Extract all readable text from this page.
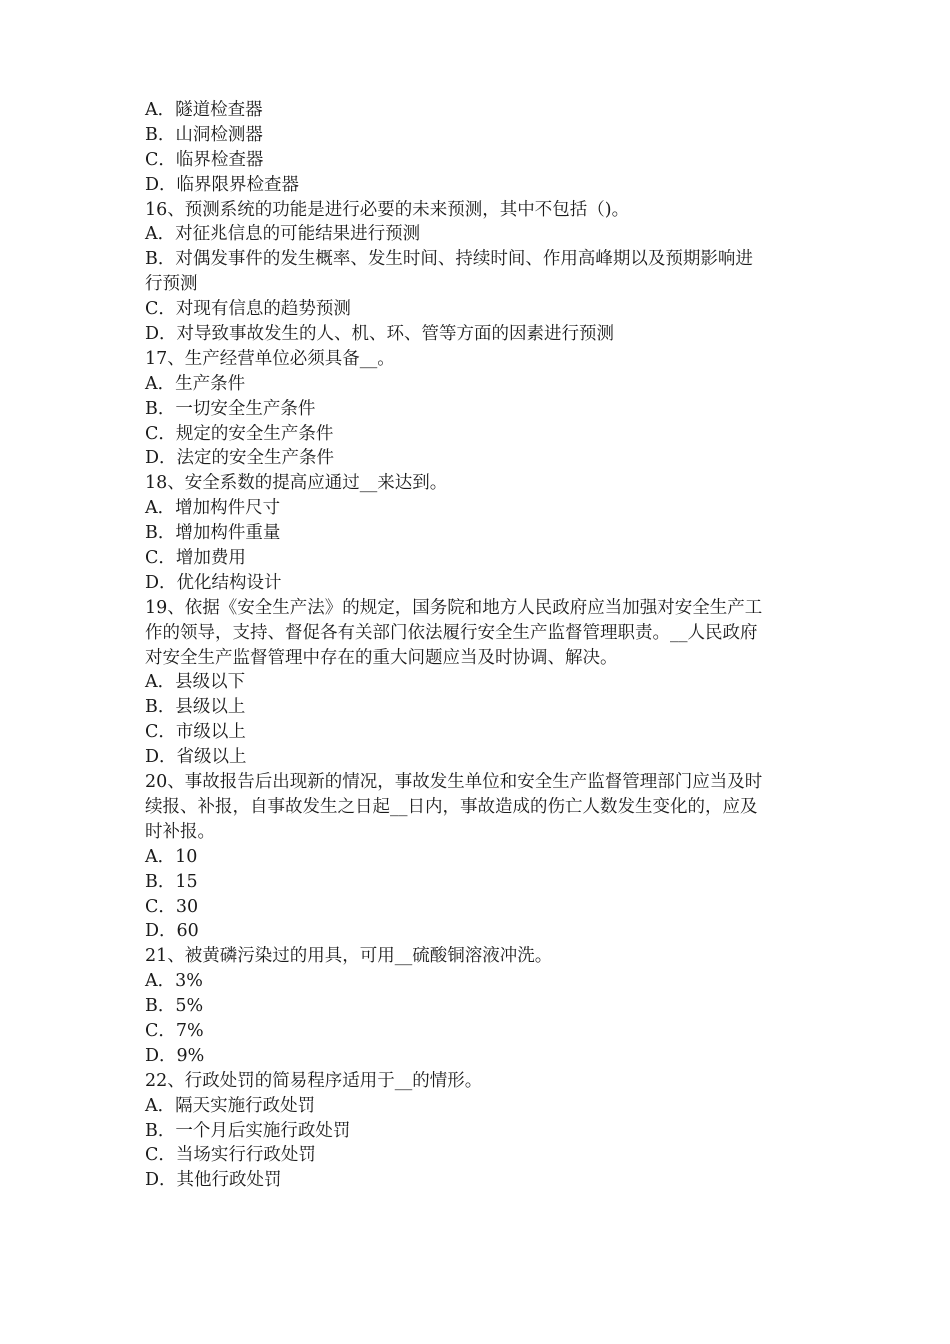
A．隧道检查器
B．山洞检测器
C．临界检查器
D．临界限界检查器
16、预测系统的功能是进行必要的未来预测，其中不包括（)。
A．对征兆信息的可能结果进行预测
B．对偶发事件的发生概率、发生时间、持续时间、作用高峰期以及预期影响进
行预测
C．对现有信息的趋势预测
D．对导致事故发生的人、机、环、管等方面的因素进行预测
17、生产经营单位必须具备__。
A．生产条件
B．一切安全生产条件
C．规定的安全生产条件
D．法定的安全生产条件
18、安全系数的提高应通过__来达到。
A．增加构件尺寸
B．增加构件重量
C．增加费用
D．优化结构设计
19、依据《安全生产法》的规定，国务院和地方人民政府应当加强对安全生产工
作的领导，支持、督促各有关部门依法履行安全生产监督管理职责。__人民政府
对安全生产监督管理中存在的重大问题应当及时协调、解决。
A．县级以下
B．县级以上
C．市级以上
D．省级以上
20、事故报告后出现新的情况，事故发生单位和安全生产监督管理部门应当及时
续报、补报，自事故发生之日起__日内，事故造成的伤亡人数发生变化的，应及
时补报。
A．10
B．15
C．30
D．60
21、被黄磷污染过的用具，可用__硫酸铜溶液冲洗。
A．3%
B．5%
C．7%
D．9%
22、行政处罚的简易程序适用于__的情形。
A．隔天实施行政处罚
B．一个月后实施行政处罚
C．当场实行行政处罚
D．其他行政处罚
